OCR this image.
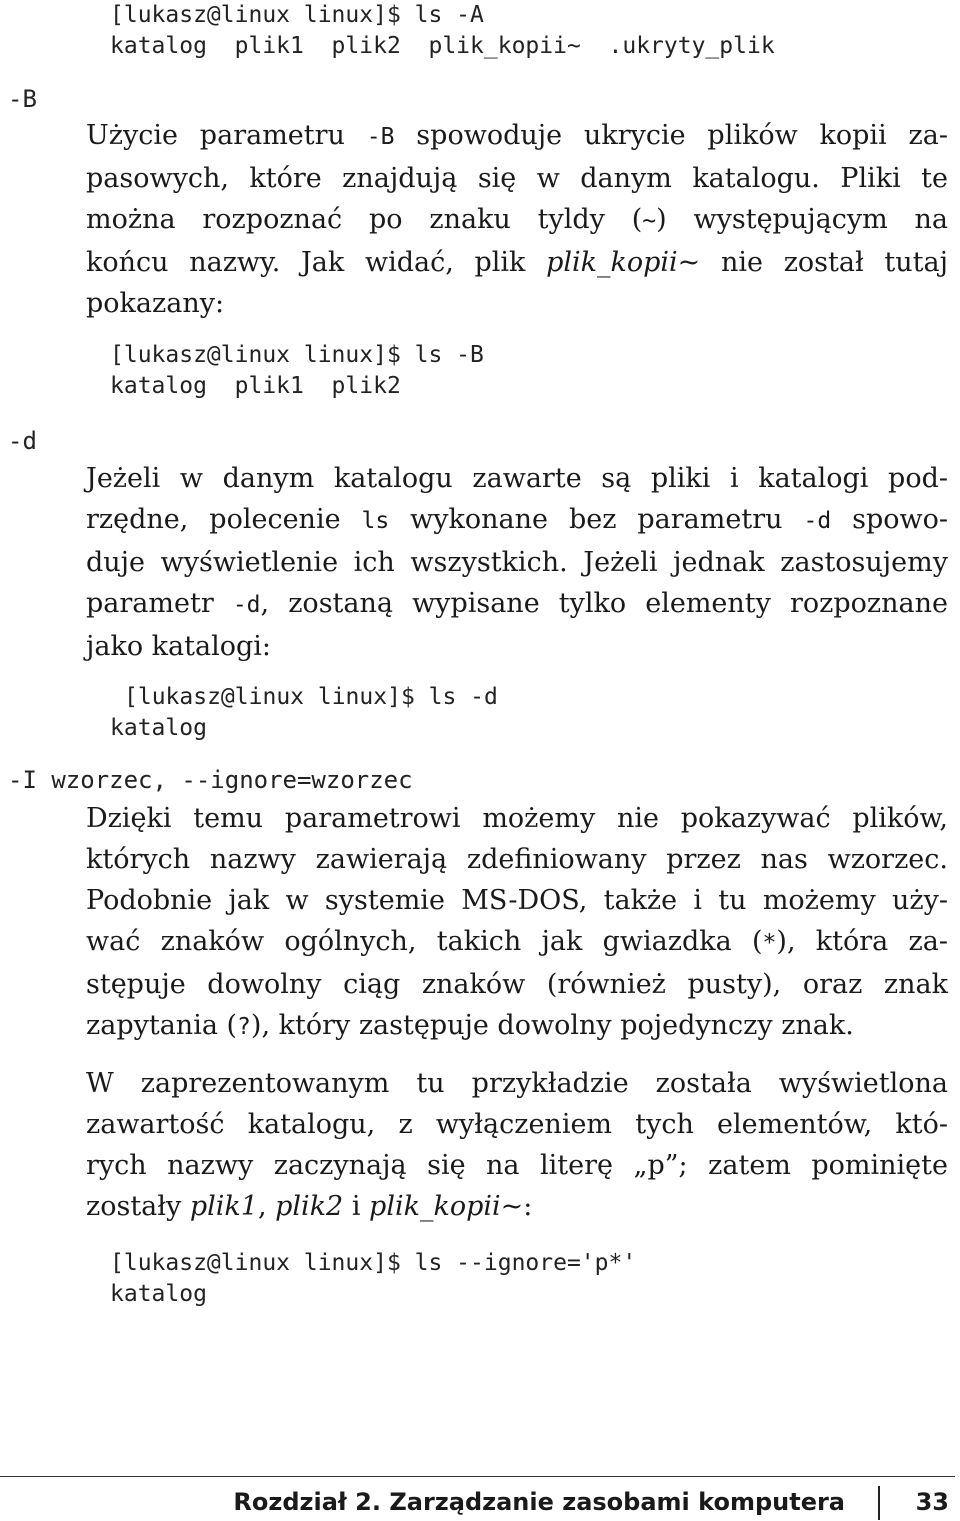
[lukasz@linux linux]$ ls -A
katalog  plik1  plik2  plik_kopii~  .ukryty_plik
-B
Użycie parametru -B spowoduje ukrycie plików kopii za-
pasowych, które znajdują się w danym katalogu. Pliki te
można rozpoznać po znaku tyldy (~) występującym na
końcu nazwy. Jak widać, plik plik_kopii~ nie został tutaj
pokazany:
[lukasz@linux linux]$ ls -B
katalog  plik1  plik2
-d
Jeżeli w danym katalogu zawarte są pliki i katalogi pod-
rzędne, polecenie ls wykonane bez parametru -d spowo-
duje wyświetlenie ich wszystkich. Jeżeli jednak zastosujemy
parametr -d, zostaną wypisane tylko elementy rozpoznane
jako katalogi:
[lukasz@linux linux]$ ls -d
katalog
-I wzorzec, --ignore=wzorzec
Dzięki temu parametrowi możemy nie pokazywać plików,
których nazwy zawierają zdefiniowany przez nas wzorzec.
Podobnie jak w systemie MS-DOS, także i tu możemy uży-
wać znaków ogólnych, takich jak gwiazdka (*), która za-
stępuje dowolny ciąg znaków (również pusty), oraz znak
zapytania (?), który zastępuje dowolny pojedynczy znak.
W zaprezentowanym tu przykładzie została wyświetlona
zawartość katalogu, z wyłączeniem tych elementów, któ-
rych nazwy zaczynają się na literę „p”; zatem pominięte
zostały plik1, plik2 i plik_kopii~:
[lukasz@linux linux]$ ls --ignore='p*'
katalog
Rozdział 2. Zarządzanie zasobami komputera	33
